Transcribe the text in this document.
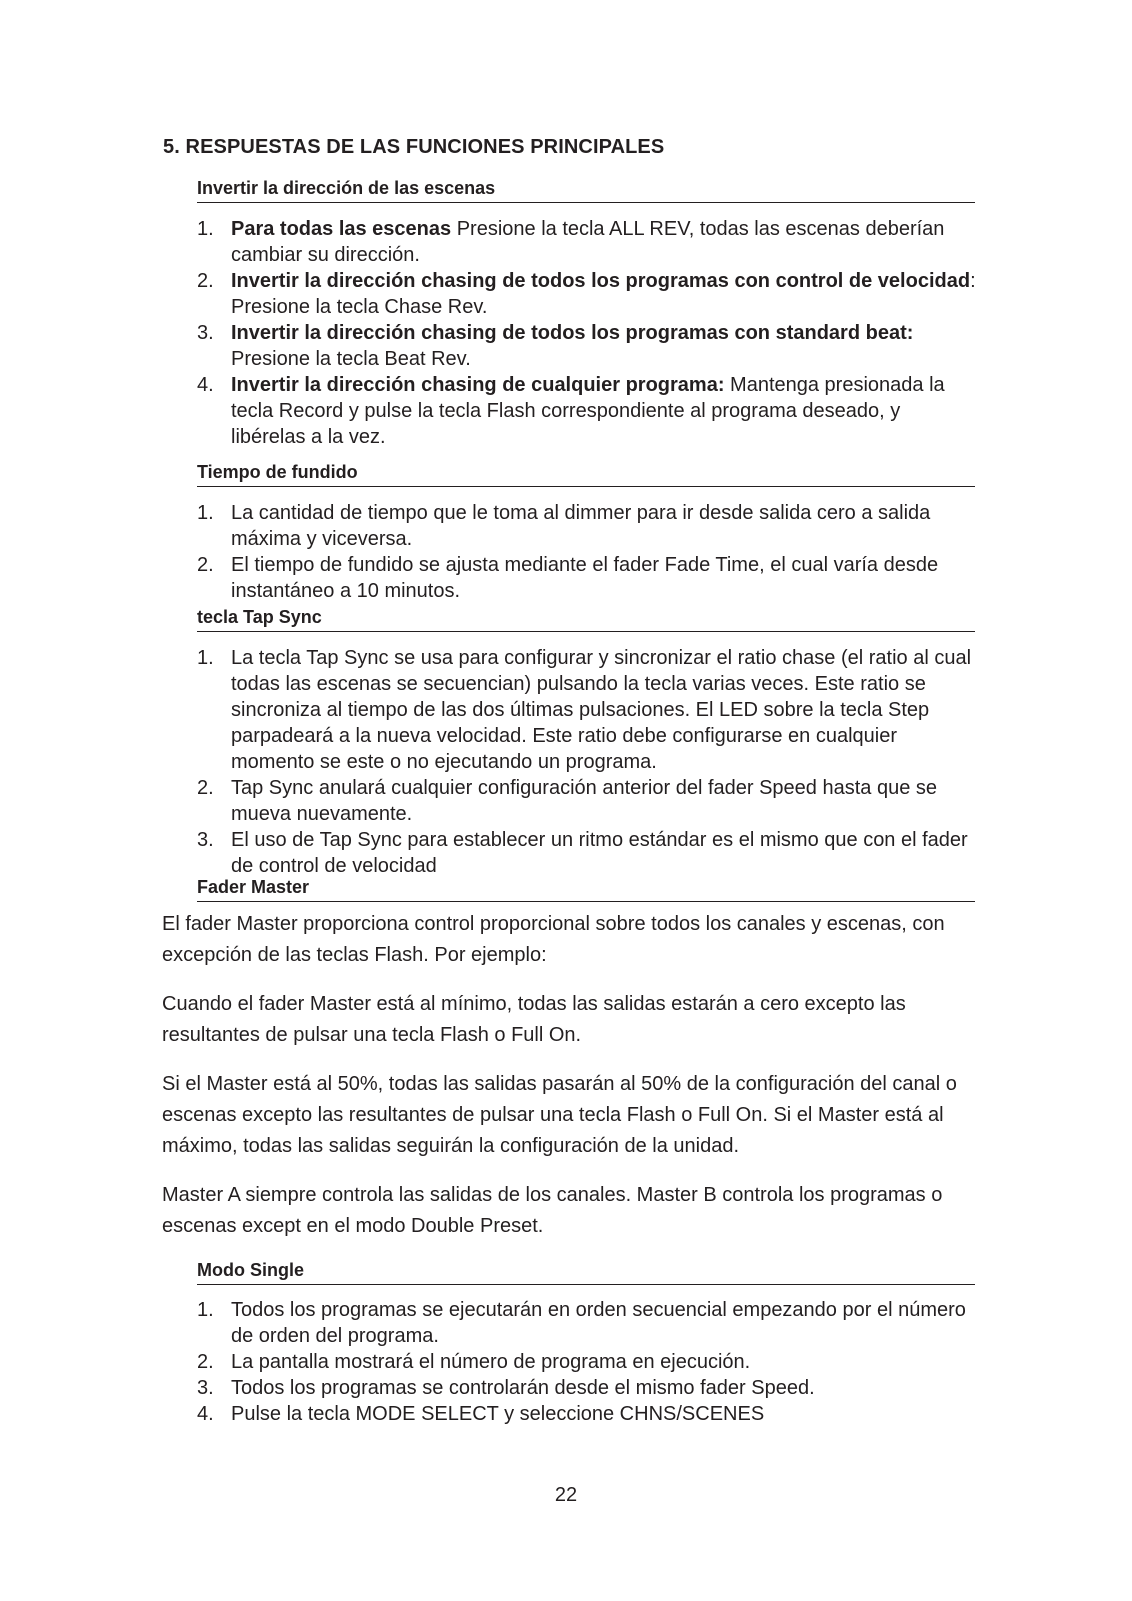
5. RESPUESTAS DE LAS FUNCIONES PRINCIPALES
Invertir la dirección de las escenas
1. Para todas las escenas Presione la tecla ALL REV, todas las escenas deberían cambiar su dirección.
2. Invertir la dirección chasing de todos los programas con control de velocidad: Presione la tecla Chase Rev.
3. Invertir la dirección chasing de todos los programas con standard beat: Presione la tecla Beat Rev.
4. Invertir la dirección chasing de cualquier programa: Mantenga presionada la tecla Record y pulse la tecla Flash correspondiente al programa deseado, y libérelas a la vez.
Tiempo de fundido
1. La cantidad de tiempo que le toma al dimmer para ir desde salida cero a salida máxima y viceversa.
2. El tiempo de fundido se ajusta mediante el fader Fade Time, el cual varía desde instantáneo a 10 minutos.
tecla Tap Sync
1. La tecla Tap Sync se usa para configurar y sincronizar el ratio chase (el ratio al cual todas las escenas se secuencian) pulsando la tecla varias veces. Este ratio se sincroniza al tiempo de las dos últimas pulsaciones. El LED sobre la tecla Step parpadeará a la nueva velocidad. Este ratio debe configurarse en cualquier momento se este o no ejecutando un programa.
2. Tap Sync anulará cualquier configuración anterior del fader Speed hasta que se mueva nuevamente.
3. El uso de Tap Sync para establecer un ritmo estándar es el mismo que con el fader de control de velocidad
Fader Master

El fader Master proporciona control proporcional sobre todos los canales y escenas, con excepción de las teclas Flash. Por ejemplo:

Cuando el fader Master está al mínimo, todas las salidas estarán a cero excepto las resultantes de pulsar una tecla Flash o Full On.

Si el Master está al 50%, todas las salidas pasarán al 50% de la configuración del canal o escenas excepto las resultantes de pulsar una tecla Flash o Full On. Si el Master está al máximo, todas las salidas seguirán la configuración de la unidad.

Master A siempre controla las salidas de los canales. Master B controla los programas o escenas except en el modo Double Preset.

Modo Single
1. Todos los programas se ejecutarán en orden secuencial empezando por el número de orden del programa.
2. La pantalla mostrará el número de programa en ejecución.
3. Todos los programas se controlarán desde el mismo fader Speed.
4. Pulse la tecla MODE SELECT y seleccione CHNS/SCENES

22
